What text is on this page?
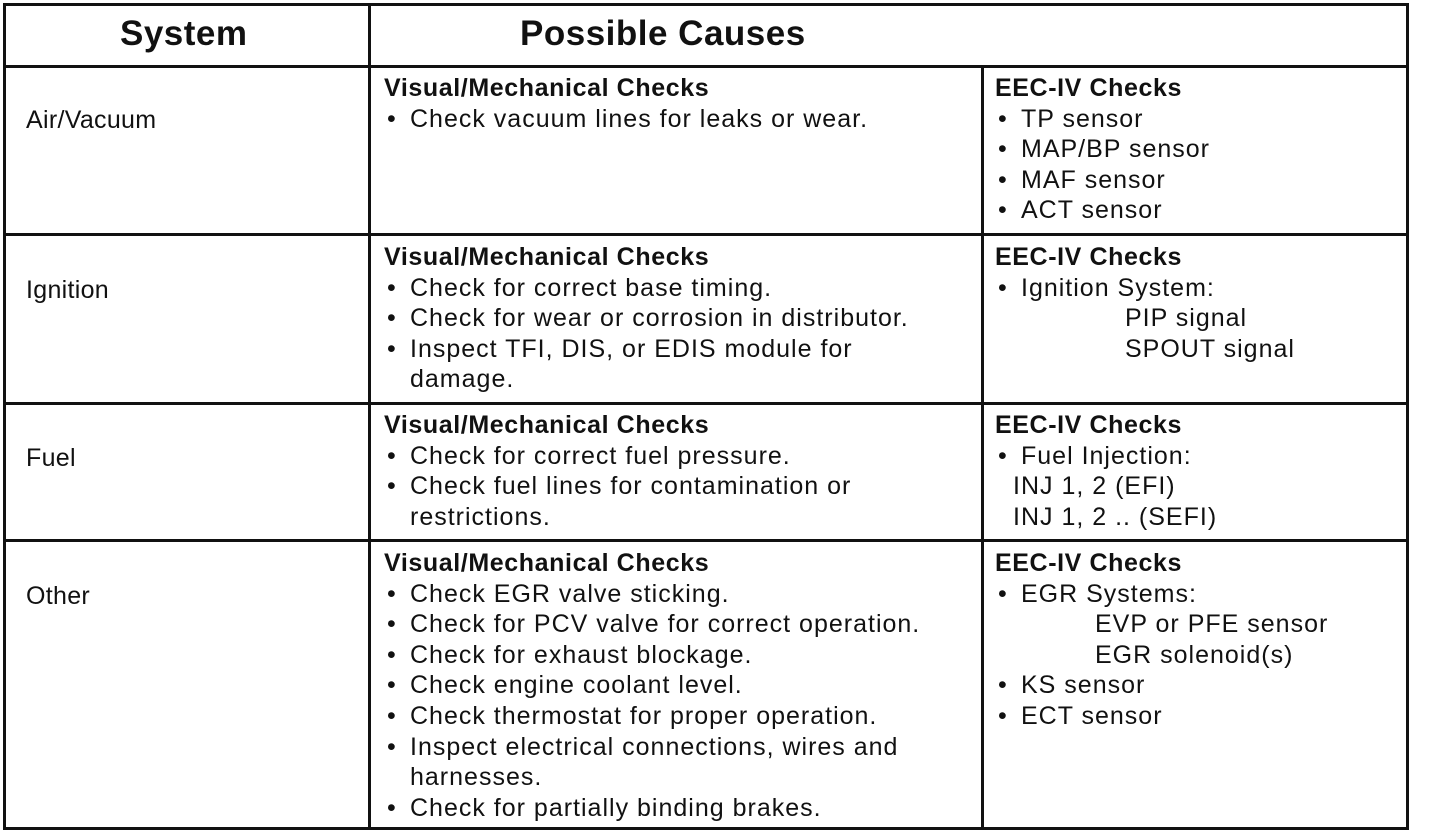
System	Possible Causes
Air/Vacuum
Visual/Mechanical Checks
• Check vacuum lines for leaks or wear.
EEC-IV Checks
• TP sensor
• MAP/BP sensor
• MAF sensor
• ACT sensor
Ignition
Visual/Mechanical Checks
• Check for correct base timing.
• Check for wear or corrosion in distributor.
• Inspect TFI, DIS, or EDIS module for
damage.
EEC-IV Checks
• Ignition System:
PIP signal
SPOUT signal
Fuel
Visual/Mechanical Checks
• Check for correct fuel pressure.
• Check fuel lines for contamination or
restrictions.
EEC-IV Checks
• Fuel Injection:
INJ 1, 2 (EFI)
INJ 1, 2 .. (SEFI)
Other
Visual/Mechanical Checks
• Check EGR valve sticking.
• Check for PCV valve for correct operation.
• Check for exhaust blockage.
• Check engine coolant level.
• Check thermostat for proper operation.
• Inspect electrical connections, wires and
harnesses.
• Check for partially binding brakes.
EEC-IV Checks
• EGR Systems:
EVP or PFE sensor
EGR solenoid(s)
• KS sensor
• ECT sensor
